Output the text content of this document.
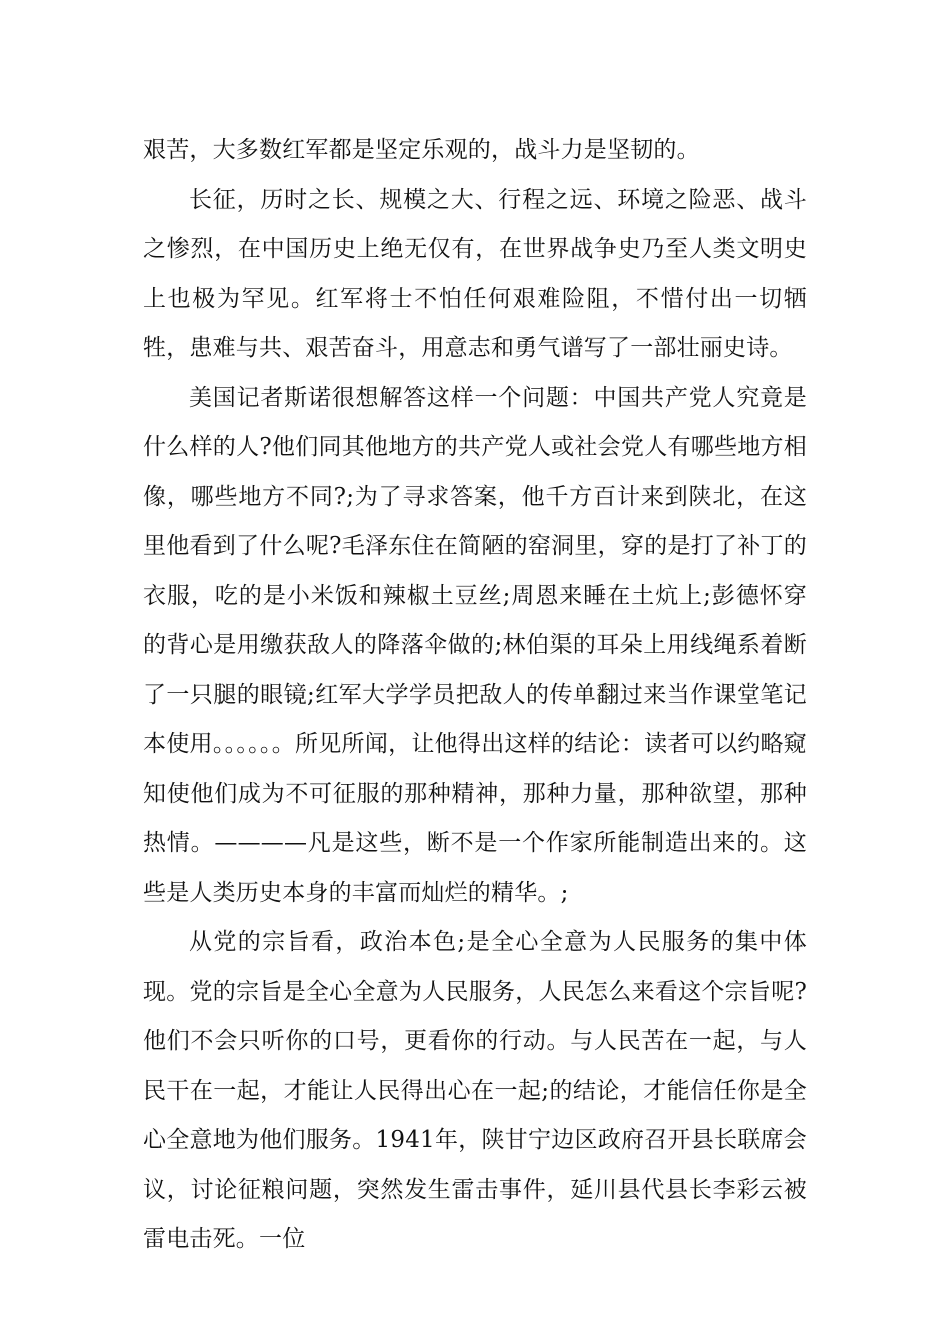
艰苦，大多数红军都是坚定乐观的，战斗力是坚韧的。

长征，历时之长、规模之大、行程之远、环境之险恶、战斗之惨烈，在中国历史上绝无仅有，在世界战争史乃至人类文明史上也极为罕见。红军将士不怕任何艰难险阻，不惜付出一切牺牲，患难与共、艰苦奋斗，用意志和勇气谱写了一部壮丽史诗。

美国记者斯诺很想解答这样一个问题：中国共产党人究竟是什么样的人?他们同其他地方的共产党人或社会党人有哪些地方相像，哪些地方不同?;为了寻求答案，他千方百计来到陕北，在这里他看到了什么呢?毛泽东住在简陋的窑洞里，穿的是打了补丁的衣服，吃的是小米饭和辣椒土豆丝;周恩来睡在土炕上;彭德怀穿的背心是用缴获敌人的降落伞做的;林伯渠的耳朵上用线绳系着断了一只腿的眼镜;红军大学学员把敌人的传单翻过来当作课堂笔记本使用。。。。。。所见所闻，让他得出这样的结论：读者可以约略窥知使他们成为不可征服的那种精神，那种力量，那种欲望，那种热情。————凡是这些，断不是一个作家所能制造出来的。这些是人类历史本身的丰富而灿烂的精华。;

从党的宗旨看，政治本色;是全心全意为人民服务的集中体现。党的宗旨是全心全意为人民服务，人民怎么来看这个宗旨呢?他们不会只听你的口号，更看你的行动。与人民苦在一起，与人民干在一起，才能让人民得出心在一起;的结论，才能信任你是全心全意地为他们服务。1941年，陕甘宁边区政府召开县长联席会议，讨论征粮问题，突然发生雷击事件，延川县代县长李彩云被雷电击死。一位
